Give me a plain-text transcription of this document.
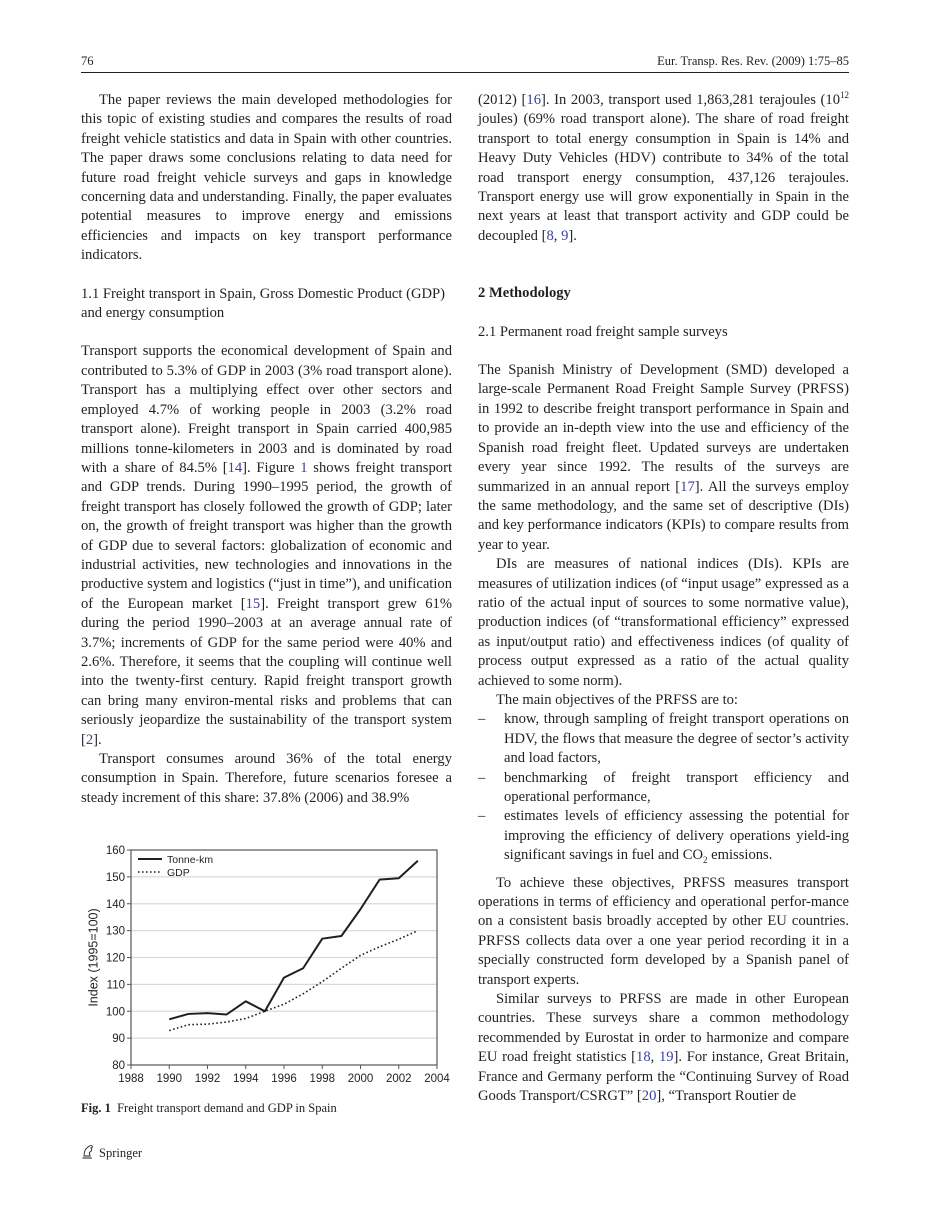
76	Eur. Transp. Res. Rev. (2009) 1:75–85

The paper reviews the main developed methodologies for this topic of existing studies and compares the results of road freight vehicle statistics and data in Spain with other countries. The paper draws some conclusions relating to data need for future road freight vehicle surveys and gaps in knowledge concerning data and understanding. Finally, the paper evaluates potential measures to improve energy and emissions efficiencies and impacts on key transport performance indicators.

1.1 Freight transport in Spain, Gross Domestic Product (GDP) and energy consumption

Transport supports the economical development of Spain and contributed to 5.3% of GDP in 2003 (3% road transport alone). Transport has a multiplying effect over other sectors and employed 4.7% of working people in 2003 (3.2% road transport alone). Freight transport in Spain carried 400,985 millions tonne-kilometers in 2003 and is dominated by road with a share of 84.5% [14]. Figure 1 shows freight transport and GDP trends. During 1990–1995 period, the growth of freight transport has closely followed the growth of GDP; later on, the growth of freight transport was higher than the growth of GDP due to several factors: globalization of economic and industrial activities, new technologies and innovations in the productive system and logistics (“just in time”), and unification of the European market [15]. Freight transport grew 61% during the period 1990–2003 at an average annual rate of 3.7%; increments of GDP for the same period were 40% and 2.6%. Therefore, it seems that the coupling will continue well into the twenty-first century. Rapid freight transport growth can bring many environ-mental risks and problems that can seriously jeopardize the sustainability of the transport system [2].

Transport consumes around 36% of the total energy consumption in Spain. Therefore, future scenarios foresee a steady increment of this share: 37.8% (2006) and 38.9%

80
90
100
110
120
130
140
150
160
1988 1990 1992 1994 1996 1998 2000 2002 2004
Tonne-km
GDP
Index (1995=100)
Fig. 1 Freight transport demand and GDP in Spain

(2012) [16]. In 2003, transport used 1,863,281 terajoules ($10^{12}$ joules) (69% road transport alone). The share of road freight transport to total energy consumption in Spain is 14% and Heavy Duty Vehicles (HDV) contribute to 34% of the total road transport energy consumption, 437,126 terajoules. Transport energy use will grow exponentially in Spain in the next years at least that transport activity and GDP could be decoupled [8, 9].

2 Methodology

2.1 Permanent road freight sample surveys

The Spanish Ministry of Development (SMD) developed a large-scale Permanent Road Freight Sample Survey (PRFSS) in 1992 to describe freight transport performance in Spain and to provide an in-depth view into the use and efficiency of the Spanish road freight fleet. Updated surveys are undertaken every year since 1992. The results of the surveys are summarized in an annual report [17]. All the surveys employ the same methodology, and the same set of descriptive (DIs) and key performance indicators (KPIs) to compare results from year to year.

DIs are measures of national indices (DIs). KPIs are measures of utilization indices (of “input usage” expressed as a ratio of the actual input of sources to some normative value), production indices (of “transformational efficiency” expressed as input/output ratio) and effectiveness indices (of quality of process output expressed as a ratio of the actual quality achieved to some norm).

The main objectives of the PRFSS are to:

– know, through sampling of freight transport operations on HDV, the flows that measure the degree of sector’s activity and load factors,
– benchmarking of freight transport efficiency and operational performance,
– estimates levels of efficiency assessing the potential for improving the efficiency of delivery operations yield-ing significant savings in fuel and $CO_2$ emissions.

To achieve these objectives, PRFSS measures transport operations in terms of efficiency and operational perfor-mance on a consistent basis broadly accepted by other EU countries. PRFSS collects data over a one year period recording it in a specially constructed form developed by a Spanish panel of transport experts.

Similar surveys to PRFSS are made in other European countries. These surveys share a common methodology recommended by Eurostat in order to harmonize and compare EU road freight statistics [18, 19]. For instance, Great Britain, France and Germany perform the “Continuing Survey of Road Goods Transport/CSRGT” [20], “Transport Routier de

Springer
